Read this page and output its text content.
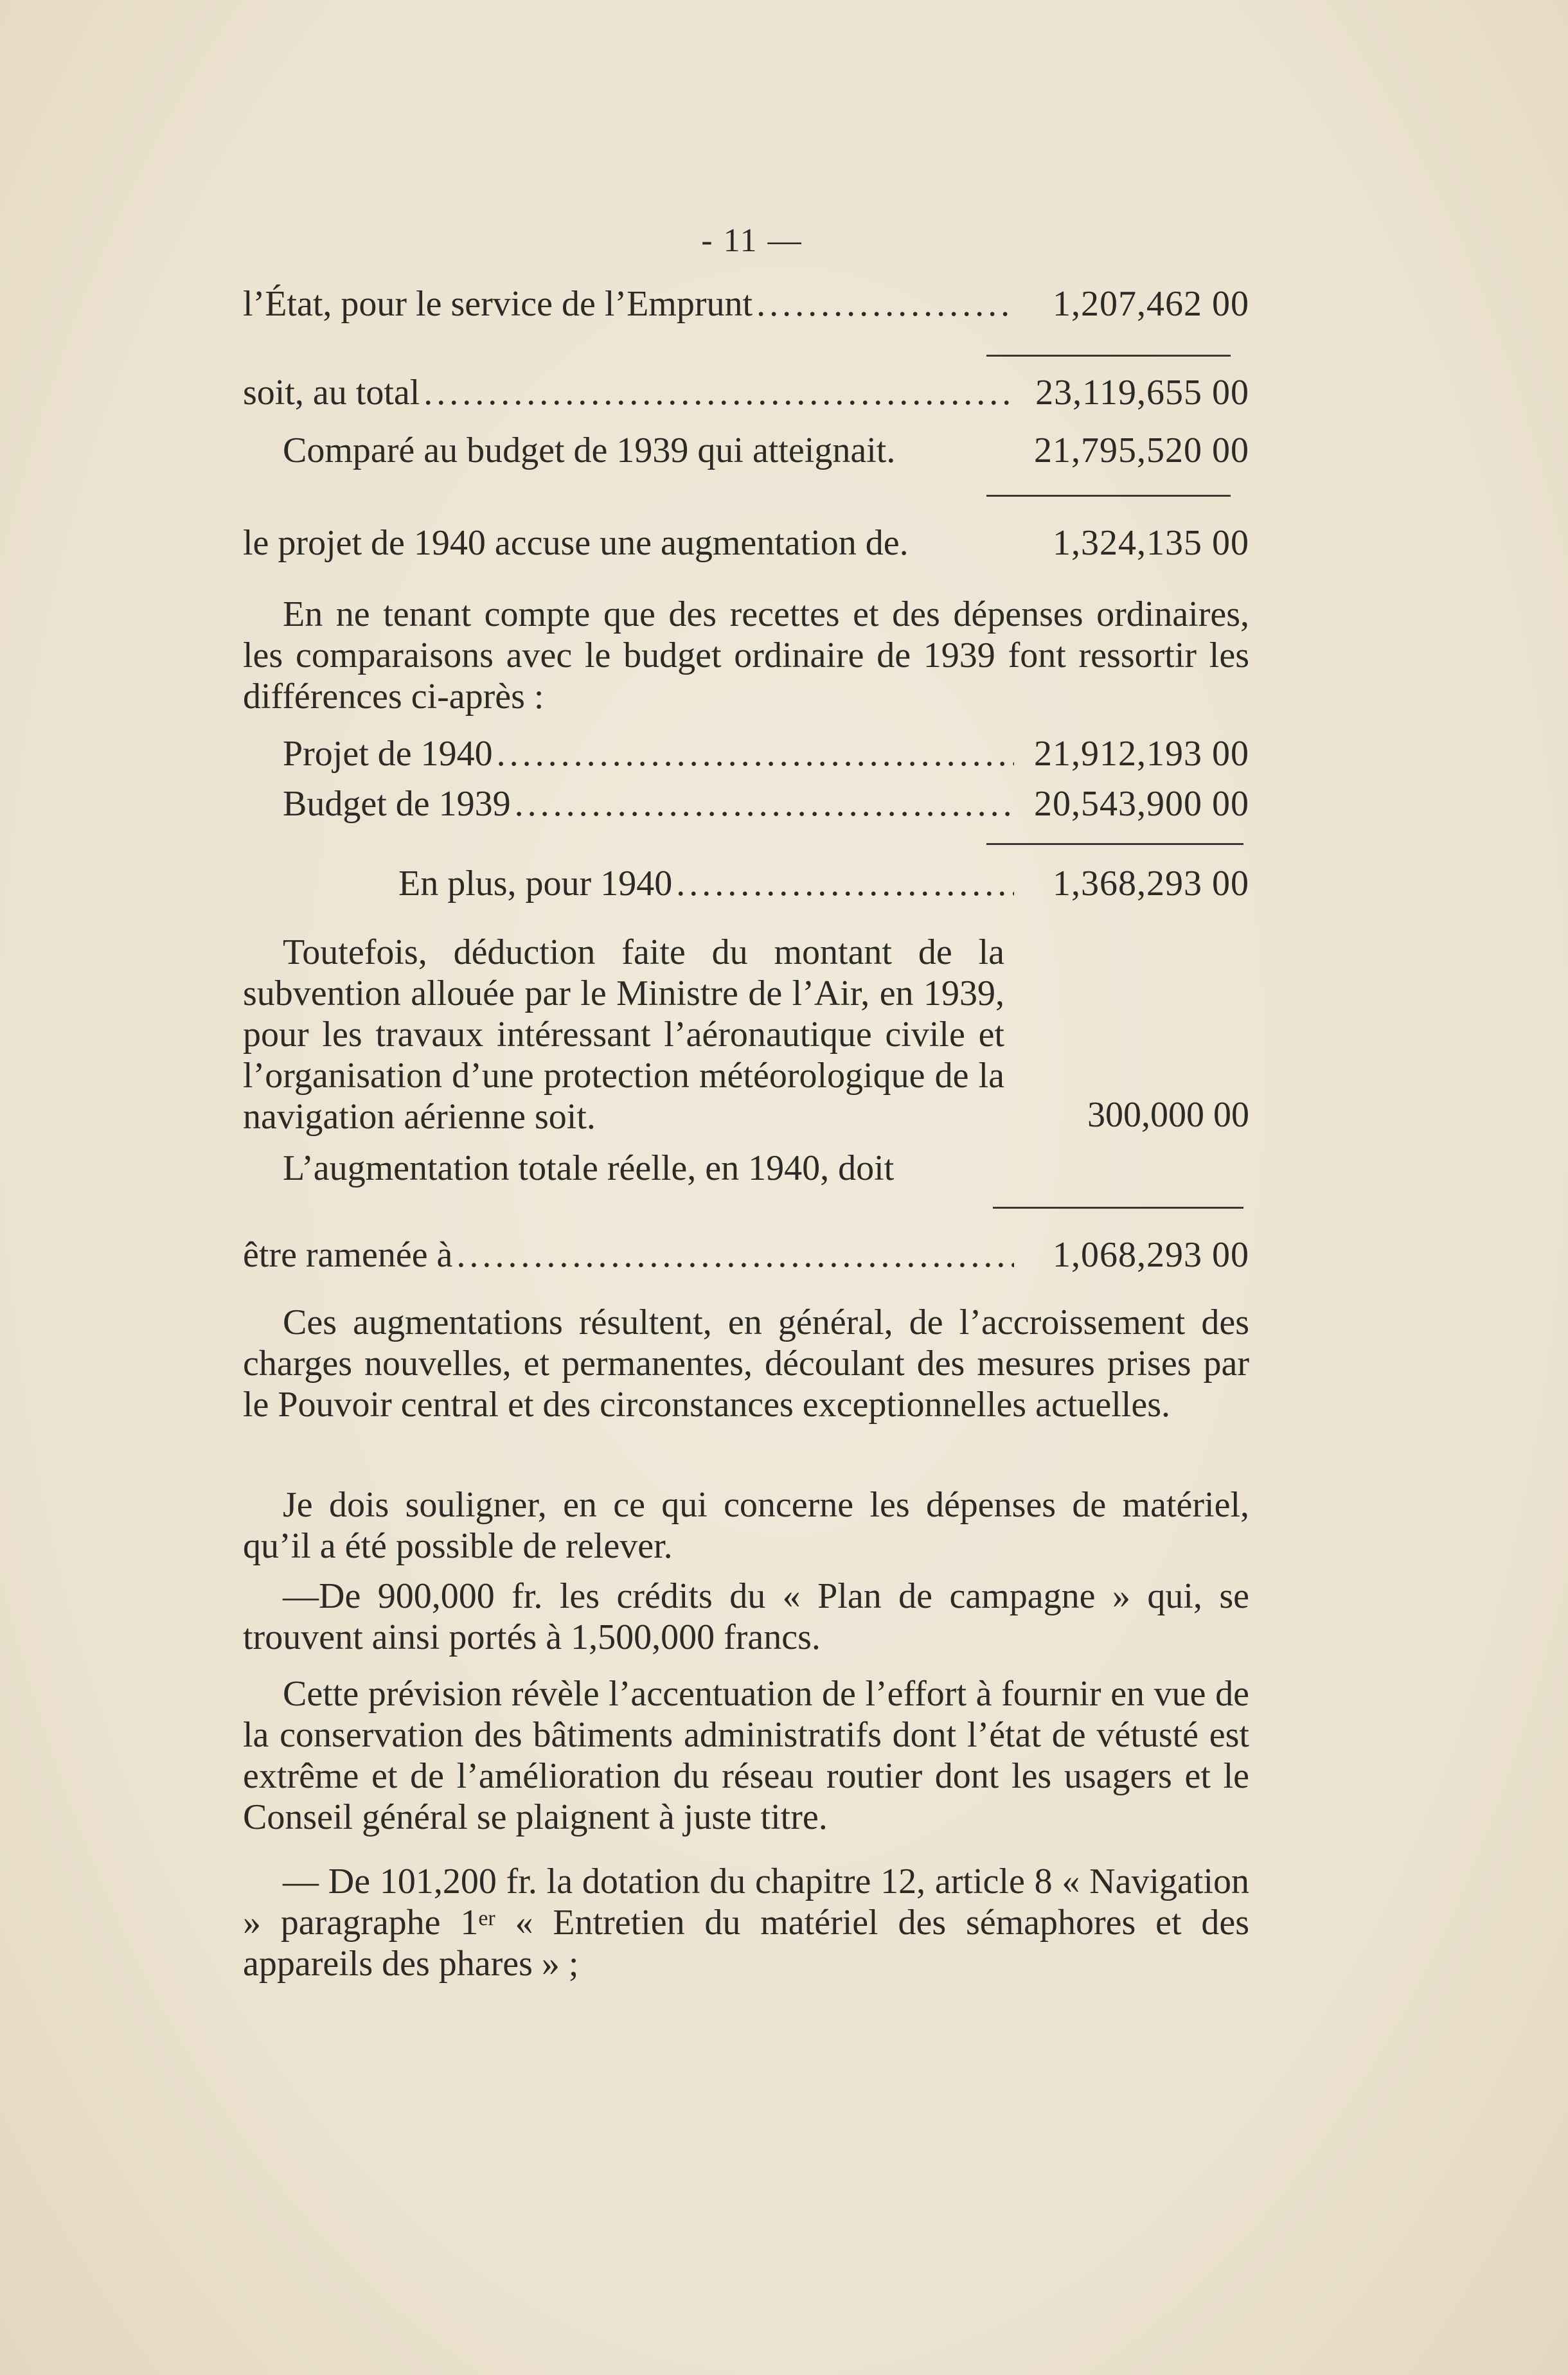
- 11 —
l’État, pour le service de l’Emprunt .....	1,207,462 00
soit, au total .....	23,119,655 00
Comparé au budget de 1939 qui atteignait.	21,795,520 00
le projet de 1940 accuse une augmentation de.	1,324,135 00
En ne tenant compte que des recettes et des dépenses ordinaires, les comparaisons avec le budget ordinaire de 1939 font ressortir les différences ci-après :
Projet de 1940 .....	21,912,193 00
Budget de 1939 .....	20,543,900 00
En plus, pour 1940 .....	1,368,293 00
Toutefois, déduction faite du montant de la subvention allouée par le Ministre de l’Air, en 1939, pour les travaux intéressant l’aéronautique civile et l’organisation d’une protection météorologique de la navigation aérienne soit.	300,000 00
L’augmentation totale réelle, en 1940, doit
être ramenée à .....	1,068,293 00
Ces augmentations résultent, en général, de l’accroissement des charges nouvelles, et permanentes, découlant des mesures prises par le Pouvoir central et des circonstances exceptionnelles actuelles.
Je dois souligner, en ce qui concerne les dépenses de matériel, qu’il a été possible de relever.
—De 900,000 fr. les crédits du « Plan de campagne » qui, se trouvent ainsi portés à 1,500,000 francs.
Cette prévision révèle l’accentuation de l’effort à fournir en vue de la conservation des bâtiments administratifs dont l’état de vétusté est extrême et de l’amélioration du réseau routier dont les usagers et le Conseil général se plaignent à juste titre.
— De 101,200 fr. la dotation du chapitre 12, article 8 « Navigation » paragraphe 1er « Entretien du matériel des sémaphores et des appareils des phares » ;
